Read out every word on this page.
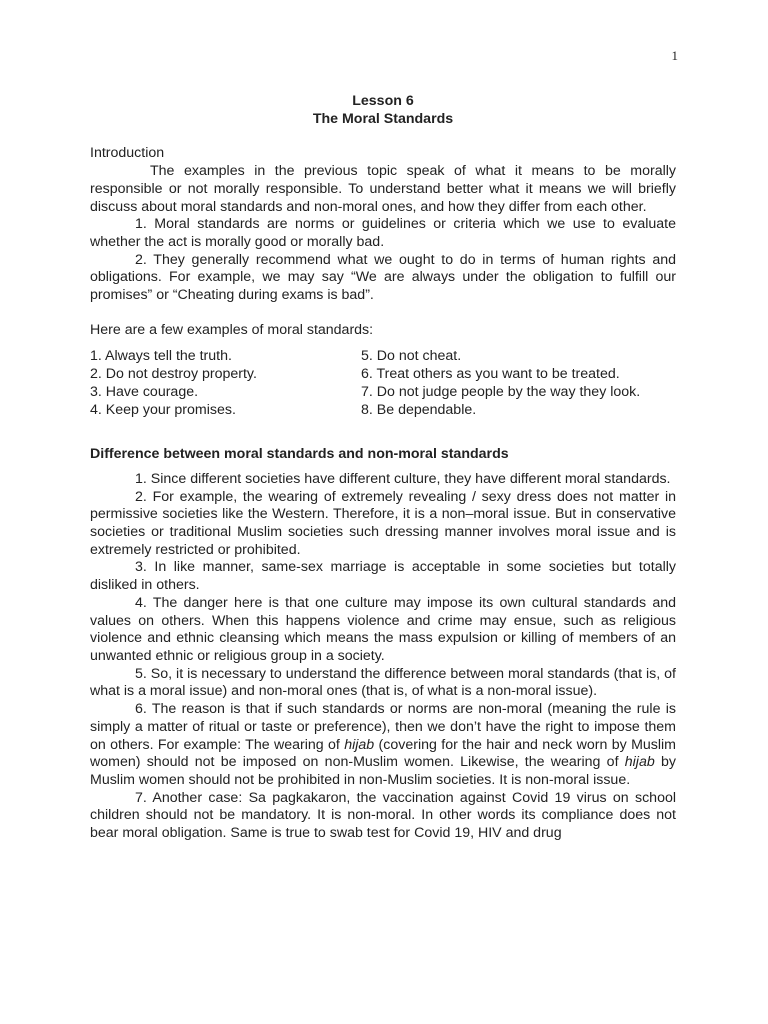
1
Lesson 6
The Moral Standards
Introduction

The examples in the previous topic speak of what it means to be morally responsible or not morally responsible. To understand better what it means we will briefly discuss about moral standards and non-moral ones, and how they differ from each other.

1. Moral standards are norms or guidelines or criteria which we use to evaluate whether the act is morally good or morally bad.

2. They generally recommend what we ought to do in terms of human rights and obligations. For example, we may say “We are always under the obligation to fulfill our promises” or “Cheating during exams is bad”.

Here are a few examples of moral standards:

1. Always tell the truth.	5. Do not cheat.
2. Do not destroy property.	6. Treat others as you want to be treated.
3. Have courage.	7. Do not judge people by the way they look.
4. Keep your promises.	8. Be dependable.
Difference between moral standards and non-moral standards

1. Since different societies have different culture, they have different moral standards.

2. For example, the wearing of extremely revealing / sexy dress does not matter in permissive societies like the Western. Therefore, it is a non–moral issue. But in conservative societies or traditional Muslim societies such dressing manner involves moral issue and is extremely restricted or prohibited.

3. In like manner, same-sex marriage is acceptable in some societies but totally disliked in others.

4. The danger here is that one culture may impose its own cultural standards and values on others. When this happens violence and crime may ensue, such as religious violence and ethnic cleansing which means the mass expulsion or killing of members of an unwanted ethnic or religious group in a society.

5. So, it is necessary to understand the difference between moral standards (that is, of what is a moral issue) and non-moral ones (that is, of what is a non-moral issue).

6. The reason is that if such standards or norms are non-moral (meaning the rule is simply a matter of ritual or taste or preference), then we don’t have the right to impose them on others. For example: The wearing of hijab (covering for the hair and neck worn by Muslim women) should not be imposed on non-Muslim women. Likewise, the wearing of hijab by Muslim women should not be prohibited in non-Muslim societies. It is non-moral issue.

7. Another case: Sa pagkakaron, the vaccination against Covid 19 virus on school children should not be mandatory. It is non-moral. In other words its compliance does not bear moral obligation. Same is true to swab test for Covid 19, HIV and drug
